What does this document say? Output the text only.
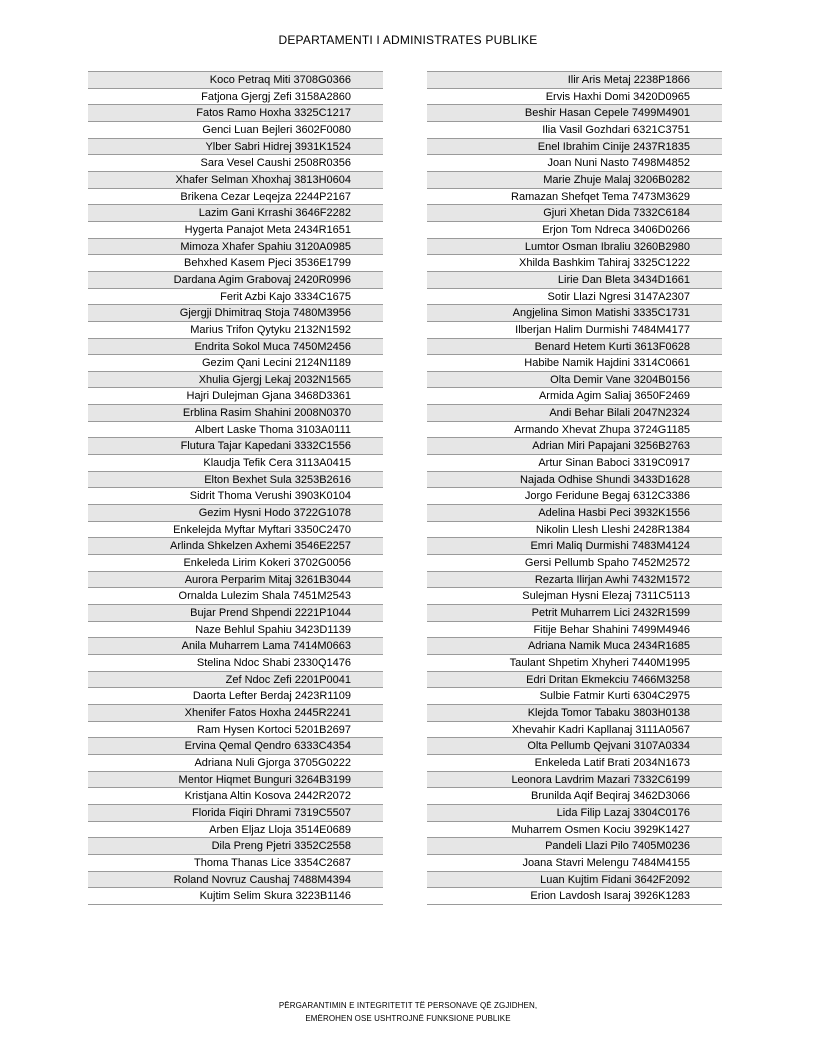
DEPARTAMENTI I ADMINISTRATES PUBLIKE
Koco Petraq Miti 3708G0366
Fatjona Gjergj Zefi 3158A2860
Fatos Ramo Hoxha 3325C1217
Genci Luan Bejleri 3602F0080
Ylber Sabri Hidrej 3931K1524
Sara Vesel Caushi 2508R0356
Xhafer Selman Xhoxhaj 3813H0604
Brikena Cezar Leqejza 2244P2167
Lazim Gani Krrashi 3646F2282
Hygerta Panajot Meta 2434R1651
Mimoza Xhafer Spahiu 3120A0985
Behxhed Kasem Pjeci 3536E1799
Dardana Agim Grabovaj 2420R0996
Ferit Azbi Kajo 3334C1675
Gjergji Dhimitraq Stoja 7480M3956
Marius Trifon Qytyku 2132N1592
Endrita Sokol Muca 7450M2456
Gezim Qani Lecini 2124N1189
Xhulia Gjergj Lekaj 2032N1565
Hajri Dulejman Gjana 3468D3361
Erblina Rasim Shahini 2008N0370
Albert Laske Thoma 3103A0111
Flutura Tajar Kapedani 3332C1556
Klaudja Tefik Cera 3113A0415
Elton Bexhet Sula 3253B2616
Sidrit Thoma Verushi 3903K0104
Gezim Hysni Hodo 3722G1078
Enkelejda Myftar Myftari 3350C2470
Arlinda Shkelzen Axhemi 3546E2257
Enkeleda Lirim Kokeri 3702G0056
Aurora Perparim Mitaj 3261B3044
Ornalda Lulezim Shala 7451M2543
Bujar Prend Shpendi 2221P1044
Naze Behlul Spahiu 3423D1139
Anila Muharrem Lama 7414M0663
Stelina Ndoc Shabi 2330Q1476
Zef Ndoc Zefi 2201P0041
Daorta Lefter Berdaj 2423R1109
Xhenifer Fatos Hoxha 2445R2241
Ram Hysen Kortoci 5201B2697
Ervina Qemal Qendro 6333C4354
Adriana Nuli Gjorga 3705G0222
Mentor Hiqmet Bunguri 3264B3199
Kristjana Altin Kosova 2442R2072
Florida Fiqiri Dhrami 7319C5507
Arben Eljaz Lloja 3514E0689
Dila Preng Pjetri 3352C2558
Thoma Thanas Lice 3354C2687
Roland Novruz Caushaj 7488M4394
Kujtim Selim Skura 3223B1146
Ilir Aris Metaj 2238P1866
Ervis Haxhi Domi 3420D0965
Beshir Hasan Cepele 7499M4901
Ilia Vasil Gozhdari 6321C3751
Enel Ibrahim Cinije 2437R1835
Joan Nuni Nasto 7498M4852
Marie Zhuje Malaj 3206B0282
Ramazan Shefqet Tema 7473M3629
Gjuri Xhetan Dida 7332C6184
Erjon Tom Ndreca 3406D0266
Lumtor Osman Ibraliu 3260B2980
Xhilda Bashkim Tahiraj 3325C1222
Lirie Dan Bleta 3434D1661
Sotir Llazi Ngresi 3147A2307
Angjelina Simon Matishi 3335C1731
Ilberjan Halim Durmishi 7484M4177
Benard Hetem Kurti 3613F0628
Habibe Namik Hajdini 3314C0661
Olta Demir Vane 3204B0156
Armida Agim Saliaj 3650F2469
Andi Behar Bilali 2047N2324
Armando Xhevat Zhupa 3724G1185
Adrian Miri Papajani 3256B2763
Artur Sinan Baboci 3319C0917
Najada Odhise Shundi 3433D1628
Jorgo Feridune Begaj 6312C3386
Adelina Hasbi Peci 3932K1556
Nikolin Llesh Lleshi 2428R1384
Emri Maliq Durmishi 7483M4124
Gersi Pellumb Spaho 7452M2572
Rezarta Ilirjan Awhi 7432M1572
Sulejman Hysni Elezaj 7311C5113
Petrit Muharrem Lici 2432R1599
Fitije Behar Shahini 7499M4946
Adriana Namik Muca 2434R1685
Taulant Shpetim Xhyheri 7440M1995
Edri Dritan Ekmekciu 7466M3258
Sulbie Fatmir Kurti 6304C2975
Klejda Tomor Tabaku 3803H0138
Xhevahir Kadri Kapllanaj 3111A0567
Olta Pellumb Qejvani 3107A0334
Enkeleda Latif Brati 2034N1673
Leonora Lavdrim Mazari 7332C6199
Brunilda Aqif Beqiraj 3462D3066
Lida Filip Lazaj 3304C0176
Muharrem Osmen Kociu 3929K1427
Pandeli Llazi Pilo 7405M0236
Joana Stavri Melengu 7484M4155
Luan Kujtim Fidani 3642F2092
Erion Lavdosh Isaraj 3926K1283
PËRGARANTIMIN E INTEGRITETIT TË PERSONAVE QË ZGJIDHEN,
EMËROHEN OSE USHTROJNË FUNKSIONE PUBLIKE
